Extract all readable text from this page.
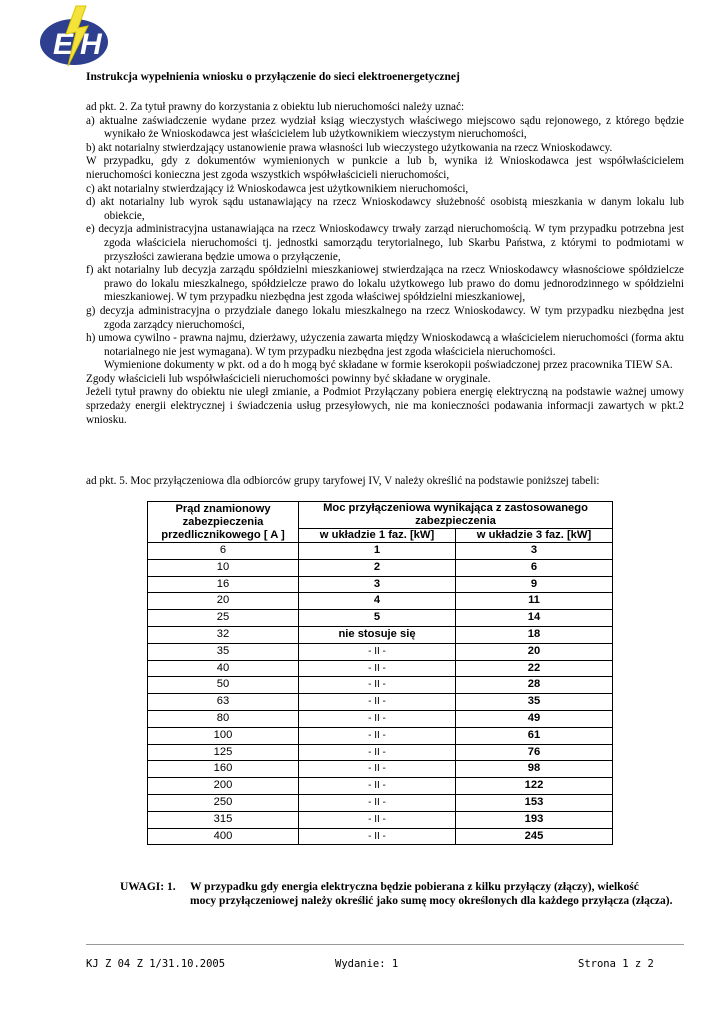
E H

Instrukcja wypełnienia wniosku o przyłączenie do sieci elektroenergetycznej

ad pkt. 2. Za tytuł prawny do korzystania z obiektu lub nieruchomości należy uznać:

a) aktualne zaświadczenie wydane przez wydział ksiąg wieczystych właściwego miejscowo sądu rejonowego, z którego będzie wynikało że Wnioskodawca jest właścicielem lub użytkownikiem wieczystym nieruchomości,

b) akt notarialny stwierdzający ustanowienie prawa własności lub wieczystego użytkowania na rzecz Wnioskodawcy.

W przypadku, gdy z dokumentów wymienionych w punkcie a lub b, wynika iż Wnioskodawca jest współwłaścicielem nieruchomości konieczna jest zgoda wszystkich współwłaścicieli nieruchomości,

c) akt notarialny stwierdzający iż Wnioskodawca jest użytkownikiem nieruchomości,

d) akt notarialny lub wyrok sądu ustanawiający na rzecz Wnioskodawcy służebność osobistą mieszkania w danym lokalu lub obiekcie,

e) decyzja administracyjna ustanawiająca na rzecz Wnioskodawcy trwały zarząd nieruchomością. W tym przypadku potrzebna jest zgoda właściciela nieruchomości tj. jednostki samorządu terytorialnego, lub Skarbu Państwa, z którymi to podmiotami w przyszłości zawierana będzie umowa o przyłączenie,

f) akt notarialny lub decyzja zarządu spółdzielni mieszkaniowej stwierdzająca na rzecz Wnioskodawcy własnościowe spółdzielcze prawo do lokalu mieszkalnego, spółdzielcze prawo do lokalu użytkowego lub prawo do domu jednorodzinnego w spółdzielni mieszkaniowej. W tym przypadku niezbędna jest zgoda właściwej spółdzielni mieszkaniowej,

g) decyzja administracyjna o przydziale danego lokalu mieszkalnego na rzecz Wnioskodawcy. W tym przypadku niezbędna jest zgoda zarządcy nieruchomości,

h) umowa cywilno - prawna najmu, dzierżawy, użyczenia zawarta między Wnioskodawcą a właścicielem nieruchomości (forma aktu notarialnego nie jest wymagana). W tym przypadku niezbędna jest zgoda właściciela nieruchomości.

Wymienione dokumenty w pkt. od a do h mogą być składane w formie kserokopii poświadczonej przez pracownika TIEW SA.

Zgody właścicieli lub współwłaścicieli nieruchomości powinny być składane w oryginale.

Jeżeli tytuł prawny do obiektu nie uległ zmianie, a Podmiot Przyłączany pobiera energię elektryczną na podstawie ważnej umowy sprzedaży energii elektrycznej i świadczenia usług przesyłowych, nie ma konieczności podawania informacji zawartych w pkt.2 wniosku.

ad pkt. 5. Moc przyłączeniowa dla odbiorców grupy taryfowej IV, V należy określić na podstawie poniższej tabeli:

Prąd znamionowy zabezpieczenia przedlicznikowego [ A ]	Moc przyłączeniowa wynikająca z zastosowanego zabezpieczenia	
	w układzie 1 faz. [kW]	w układzie 3 faz. [kW]
6	1	3
10	2	6
16	3	9
20	4	11
25	5	14
32	nie stosuje się	18
35	- II -	20
40	- II -	22
50	- II -	28
63	- II -	35
80	- II -	49
100	- II -	61
125	- II -	76
160	- II -	98
200	- II -	122
250	- II -	153
315	- II -	193
400	- II -	245
UWAGI: 1.	W przypadku gdy energia elektryczna będzie pobierana z kilku przyłączy (złączy), wielkość
mocy przyłączeniowej należy określić jako sumę mocy określonych dla każdego przyłącza (złącza).
KJ Z 04 Z 1/31.10.2005	Wydanie: 1	Strona 1 z 2
